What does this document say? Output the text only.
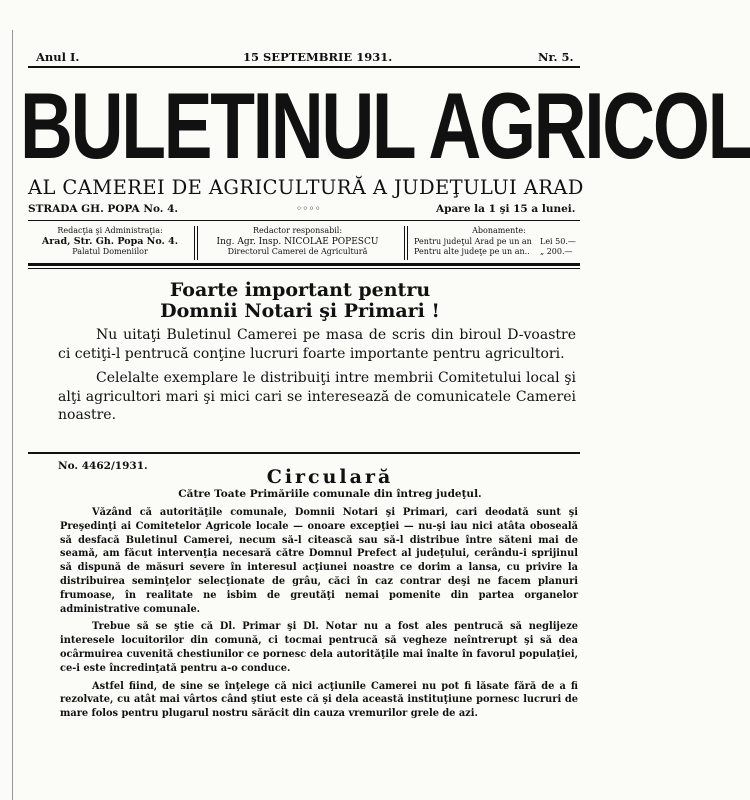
Anul I.	15 SEPTEMBRIE 1931.	Nr. 5.
BULETINUL AGRICOL
AL CAMEREI DE AGRICULTURĂ A JUDEŢULUI ARAD
STRADA GH. POPA No. 4.	◦◦◦◦	Apare la 1 şi 15 a lunei.
Redacţia şi Administraţia:
Arad, Str. Gh. Popa No. 4.
Palatul Domeniilor
Redactor responsabil:
Ing. Agr. Insp. NICOLAE POPESCU
Directorul Camerei de Agricultură
Abonamente:
Pentru judeţul Arad pe un an Lei 50.—
Pentru alte judeţe pe un an.. „ 200.—
Foarte important pentru
Domnii Notari şi Primari !

Nu uitaţi Buletinul Camerei pe masa de scris din biroul D-voastre ci cetiţi-l pentrucă conţine lucruri foarte importante pentru agricultori.

Celelalte exemplare le distribuiţi intre membrii Comitetului local şi alţi agricultori mari şi mici cari se interesează de comunicatele Camerei noastre.

No. 4462/1931.	Circulară
Către Toate Primăriile comunale din întreg judeţul.

Văzând că autorităţile comunale, Domnii Notari şi Primari, cari deodată sunt şi Preşedinţi ai Comitetelor Agricole locale — onoare excepţiei — nu-şi iau nici atâta oboseală să desfacă Buletinul Camerei, necum să-l citească sau să-l distribue între săteni mai de seamă, am făcut intervenţia necesară către Domnul Prefect al judeţului, cerându-i sprijinul să dispună de măsuri severe în interesul acţiunei noastre ce dorim a lansa, cu privire la distribuirea seminţelor selecţionate de grâu, căci în caz contrar deşi ne facem planuri frumoase, în realitate ne isbim de greutăţi nemai pomenite din partea organelor administrative comunale.

Trebue să se ştie că Dl. Primar şi Dl. Notar nu a fost ales pentrucă să neglijeze interesele locuitorilor din comună, ci tocmai pentrucă să vegheze neîntrerupt şi să dea ocârmuirea cuvenită chestiunilor ce pornesc dela autorităţile mai înalte în favorul populaţiei, ce-i este încredinţată pentru a-o conduce.

Astfel fiind, de sine se înţelege că nici acţiunile Camerei nu pot fi lăsate fără de a fi rezolvate, cu atât mai vârtos când ştiut este că şi dela această instituţiune pornesc lucruri de mare folos pentru plugarul nostru sărăcit din cauza vremurilor grele de azi.
